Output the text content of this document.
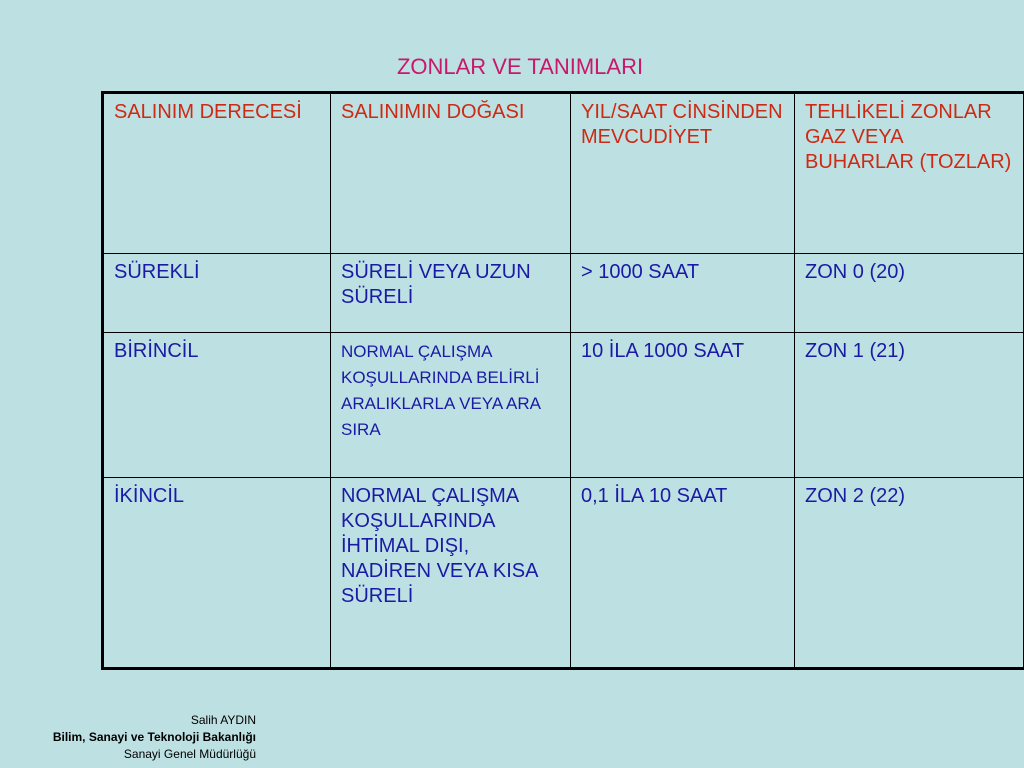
ZONLAR VE TANIMLARI
SALINIM DERECESİ	SALINIMIN DOĞASI	YIL/SAAT CİNSİNDEN MEVCUDİYET	TEHLİKELİ ZONLAR GAZ VEYA BUHARLAR (TOZLAR)
SÜREKLİ	SÜRELİ VEYA UZUN SÜRELİ	> 1000 SAAT	ZON 0 (20)
BİRİNCİL	NORMAL ÇALIŞMA KOŞULLARINDA BELİRLİ ARALIKLARLA VEYA ARA SIRA	10 İLA 1000 SAAT	ZON 1 (21)
İKİNCİL	NORMAL ÇALIŞMA KOŞULLARINDA İHTİMAL DIŞI, NADİREN VEYA KISA SÜRELİ	0,1 İLA 10 SAAT	ZON 2 (22)
Salih AYDIN
Bilim, Sanayi ve Teknoloji Bakanlığı
Sanayi Genel Müdürlüğü
